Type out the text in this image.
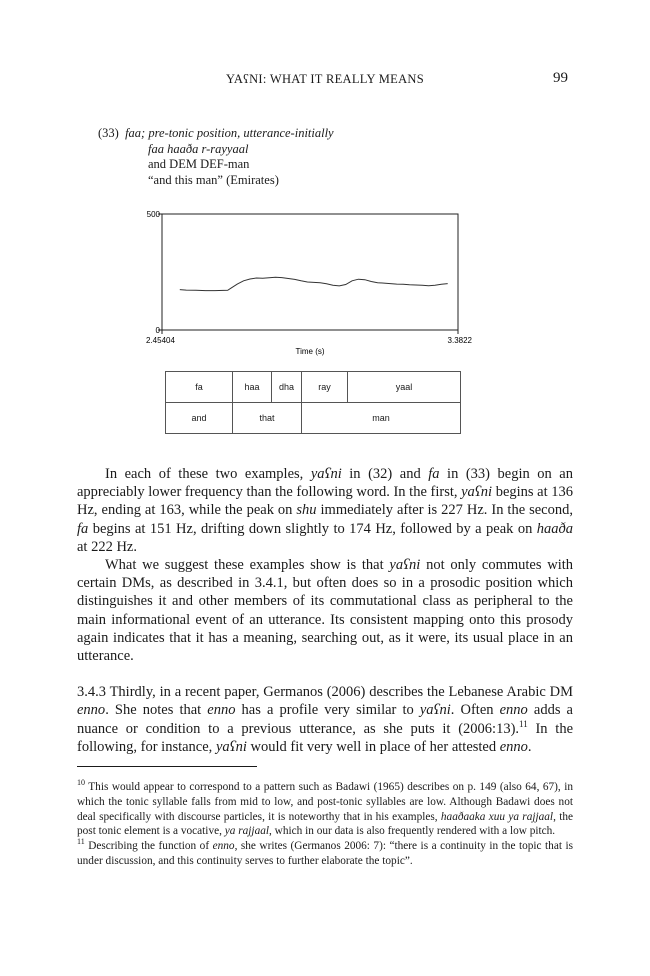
YAʕNI: WHAT IT REALLY MEANS	99
(33) faa; pre-tonic position, utterance-initially
faa haaða r-rayyaal
and DEM DEF-man
“and this man” (Emirates)
500
0
2.45404	3.3822
Time (s)
fa	haa	dha	ray	yaal
and	that		man	

In each of these two examples, yaʕni in (32) and fa in (33) begin on an appreciably lower frequency than the following word. In the first, yaʕni begins at 136 Hz, ending at 163, while the peak on shu immediately after is 227 Hz. In the second, fa begins at 151 Hz, drifting down slightly to 174 Hz, followed by a peak on haaða at 222 Hz.

What we suggest these examples show is that yaʕni not only commutes with certain DMs, as described in 3.4.1, but often does so in a prosodic position which distinguishes it and other members of its commutational class as peripheral to the main informational event of an utterance. Its consistent mapping onto this prosody again indicates that it has a meaning, searching out, as it were, its usual place in an utterance.

3.4.3 Thirdly, in a recent paper, Germanos (2006) describes the Lebanese Arabic DM enno. She notes that enno has a profile very similar to yaʕni. Often enno adds a nuance or condition to a previous utterance, as she puts it (2006:13).$^{11}$ In the following, for instance, yaʕni would fit very well in place of her attested enno.

$^{10}$ This would appear to correspond to a pattern such as Badawi (1965) describes on p. 149 (also 64, 67), in which the tonic syllable falls from mid to low, and post-tonic syllables are low. Although Badawi does not deal specifically with discourse particles, it is noteworthy that in his examples, haaðaaka xuu ya rajjaal, the post tonic element is a vocative, ya rajjaal, which in our data is also frequently rendered with a low pitch.

$^{11}$ Describing the function of enno, she writes (Germanos 2006: 7): “there is a continuity in the topic that is under discussion, and this continuity serves to further elaborate the topic”.
